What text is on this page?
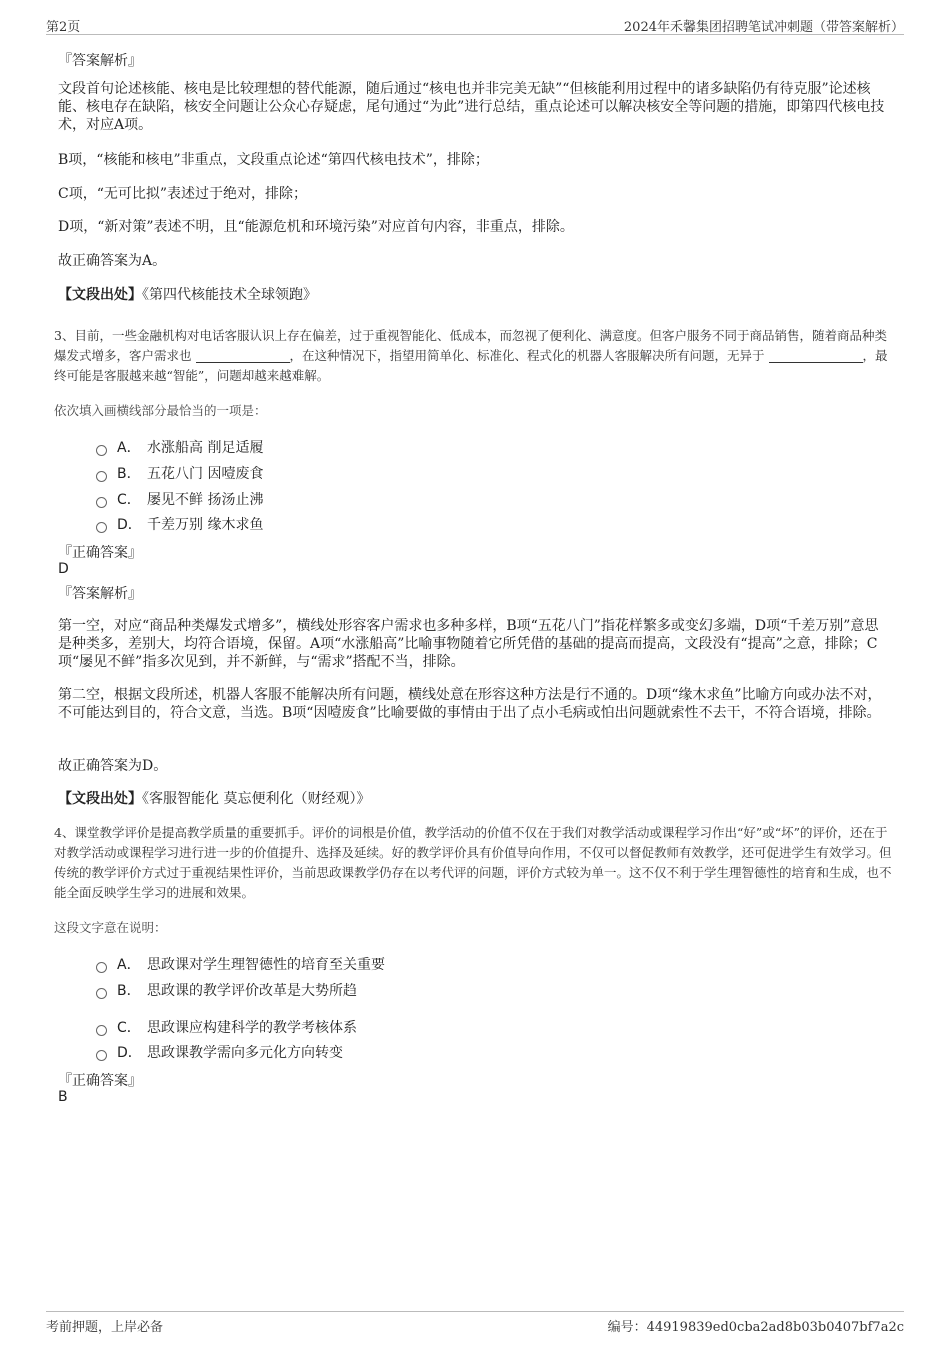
第2页	2024年禾馨集团招聘笔试冲刺题（带答案解析）
『答案解析』
文段首句论述核能、核电是比较理想的替代能源，随后通过“核电也并非完美无缺”“但核能利用过程中的诸多缺陷仍有待克服”论述核能、核电存在缺陷，核安全问题让公众心存疑虑，尾句通过“为此”进行总结，重点论述可以解决核安全等问题的措施，即第四代核电技术，对应A项。
B项，“核能和核电”非重点，文段重点论述“第四代核电技术”，排除；
C项，“无可比拟”表述过于绝对，排除；
D项，“新对策”表述不明，且“能源危机和环境污染”对应首句内容，非重点，排除。
故正确答案为A。
【文段出处】《第四代核能技术全球领跑》
3、目前，一些金融机构对电话客服认识上存在偏差，过于重视智能化、低成本，而忽视了便利化、满意度。但客户服务不同于商品销售，随着商品种类爆发式增多，客户需求也	，在这种情况下，指望用简单化、标准化、程式化的机器人客服解决所有问题，无异于	，最终可能是客服越来越“智能”，问题却越来越难解。
依次填入画横线部分最恰当的一项是：
A． 水涨船高 削足适履
B． 五花八门 因噎废食
C． 屡见不鲜 扬汤止沸
D． 千差万别 缘木求鱼
『正确答案』
D
『答案解析』
第一空，对应“商品种类爆发式增多”，横线处形容客户需求也多种多样，B项“五花八门”指花样繁多或变幻多端，D项“千差万别”意思是种类多，差别大，均符合语境，保留。A项“水涨船高”比喻事物随着它所凭借的基础的提高而提高，文段没有“提高”之意，排除；C项“屡见不鲜”指多次见到，并不新鲜，与“需求”搭配不当，排除。
第二空，根据文段所述，机器人客服不能解决所有问题，横线处意在形容这种方法是行不通的。D项“缘木求鱼”比喻方向或办法不对，不可能达到目的，符合文意，当选。B项“因噎废食”比喻要做的事情由于出了点小毛病或怕出问题就索性不去干，不符合语境，排除。
故正确答案为D。
【文段出处】《客服智能化 莫忘便利化（财经观）》
4、课堂教学评价是提高教学质量的重要抓手。评价的词根是价值，教学活动的价值不仅在于我们对教学活动或课程学习作出“好”或“坏”的评价，还在于对教学活动或课程学习进行进一步的价值提升、选择及延续。好的教学评价具有价值导向作用，不仅可以督促教师有效教学，还可促进学生有效学习。但传统的教学评价方式过于重视结果性评价，当前思政课教学仍存在以考代评的问题，评价方式较为单一。这不仅不利于学生理智德性的培育和生成，也不能全面反映学生学习的进展和效果。
这段文字意在说明：
A． 思政课对学生理智德性的培育至关重要
B． 思政课的教学评价改革是大势所趋
C． 思政课应构建科学的教学考核体系
D． 思政课教学需向多元化方向转变
『正确答案』
B
考前押题，上岸必备	编号：44919839ed0cba2ad8b03b0407bf7a2c
